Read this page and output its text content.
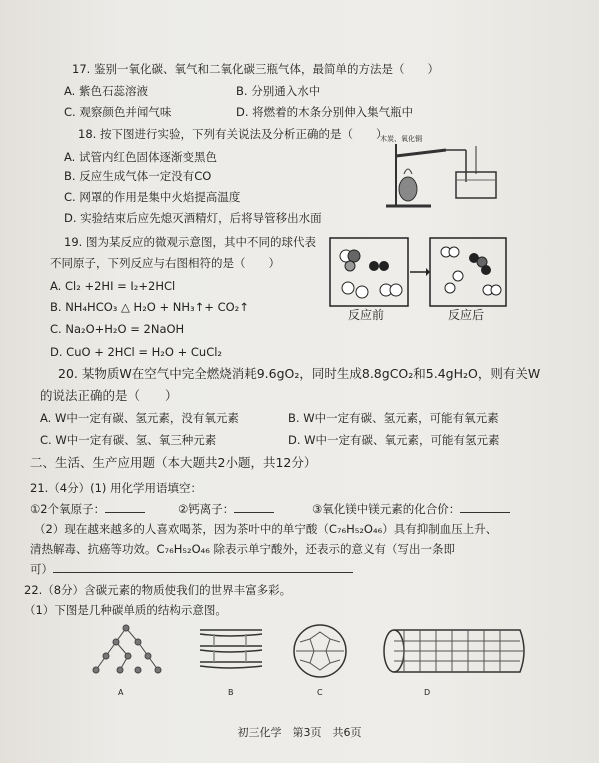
17. 鉴别一氧化碳、氧气和二氧化碳三瓶气体，最简单的方法是（　　）
A. 紫色石蕊溶液	B. 分别通入水中
C. 观察颜色并闻气味	D. 将燃着的木条分别伸入集气瓶中
18. 按下图进行实验，下列有关说法及分析正确的是（　　）
A. 试管内红色固体逐渐变黑色
B. 反应生成气体一定没有CO
C. 网罩的作用是集中火焰提高温度
D. 实验结束后应先熄灭酒精灯，后将导管移出水面
木炭、氧化铜
19. 图为某反应的微观示意图，其中不同的球代表
不同原子，下列反应与右图相符的是（　　）
A. Cl₂ +2HI = I₂+2HCl
B. NH₄HCO₃ △ H₂O + NH₃↑+ CO₂↑
C. Na₂O+H₂O = 2NaOH
D. CuO + 2HCl = H₂O + CuCl₂
反应前	反应后
20. 某物质W在空气中完全燃烧消耗9.6gO₂，同时生成8.8gCO₂和5.4gH₂O，则有关W
的说法正确的是（　　）
A. W中一定有碳、氢元素，没有氧元素	B. W中一定有碳、氢元素，可能有氧元素
C. W中一定有碳、氢、氧三种元素	D. W中一定有碳、氧元素，可能有氢元素
二、生活、生产应用题（本大题共2小题，共12分）
21.（4分）(1) 用化学用语填空：
①2个氧原子：	②钙离子：	③氧化镁中镁元素的化合价：
（2）现在越来越多的人喜欢喝茶，因为茶叶中的单宁酸（C₇₆H₅₂O₄₆）具有抑制血压上升、
清热解毒、抗癌等功效。C₇₆H₅₂O₄₆ 除表示单宁酸外，还表示的意义有（写出一条即
可）
22.（8分）含碳元素的物质使我们的世界丰富多彩。
（1）下图是几种碳单质的结构示意图。
A	B	C	D
初三化学　第3页　共6页
